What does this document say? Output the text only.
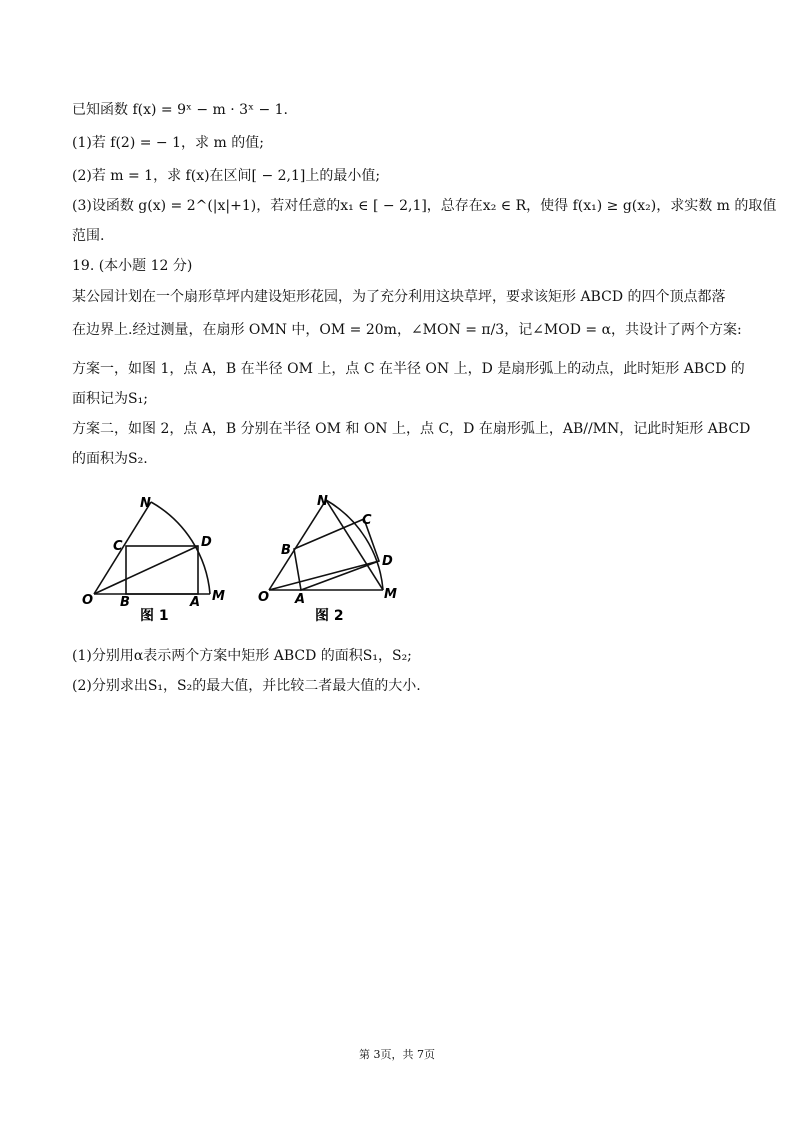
已知函数 f(x) = 9ˣ − m · 3ˣ − 1.
(1)若 f(2) = − 1，求 m 的值;
(2)若 m = 1，求 f(x)在区间[ − 2,1]上的最小值;
(3)设函数 g(x) = 2^(|x|+1)，若对任意的x₁ ∈ [ − 2,1]，总存在x₂ ∈ R，使得 f(x₁) ≥ g(x₂)，求实数 m 的取值
范围.
19. (本小题 12 分)
某公园计划在一个扇形草坪内建设矩形花园，为了充分利用这块草坪，要求该矩形 ABCD 的四个顶点都落
在边界上.经过测量，在扇形 OMN 中，OM = 20m，∠MON = π/3，记∠MOD = α，共设计了两个方案:
方案一，如图 1，点 A，B 在半径 OM 上，点 C 在半径 ON 上，D 是扇形弧上的动点，此时矩形 ABCD 的
面积记为S₁;
方案二，如图 2，点 A，B 分别在半径 OM 和 ON 上，点 C，D 在扇形弧上，AB//MN，记此时矩形 ABCD
的面积为S₂.
O B	A M
C	D
N
图 1
O A	M
B
N
C
D
图 2
(1)分别用α表示两个方案中矩形 ABCD 的面积S₁，S₂;
(2)分别求出S₁，S₂的最大值，并比较二者最大值的大小.
第 3页，共 7页
